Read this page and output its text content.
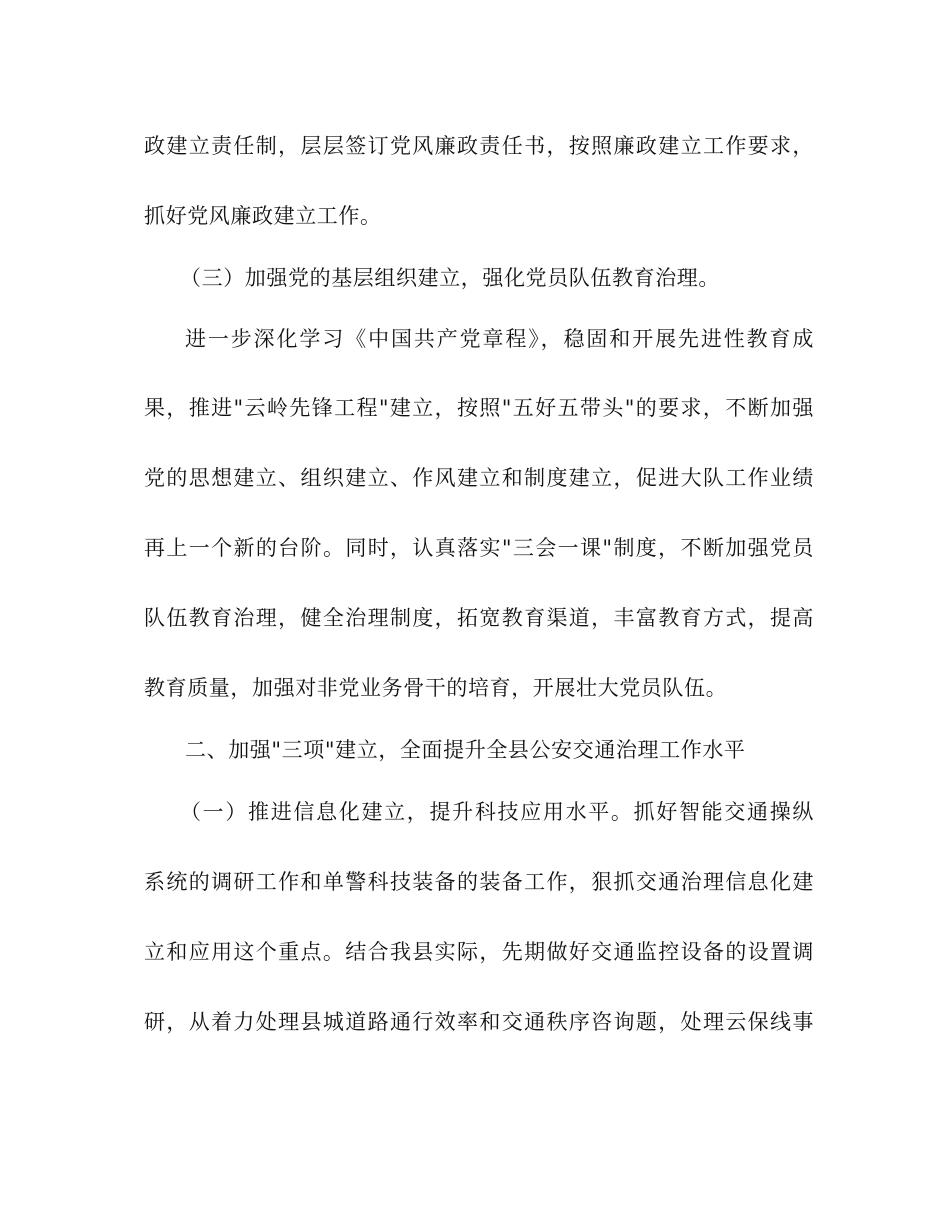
政建立责任制，层层签订党风廉政责任书，按照廉政建立工作要求，
抓好党风廉政建立工作。
（三）加强党的基层组织建立，强化党员队伍教育治理。
进一步深化学习《中国共产党章程》，稳固和开展先进性教育成
果，推进"云岭先锋工程"建立，按照"五好五带头"的要求，不断加强
党的思想建立、组织建立、作风建立和制度建立，促进大队工作业绩
再上一个新的台阶。同时，认真落实"三会一课"制度，不断加强党员
队伍教育治理，健全治理制度，拓宽教育渠道，丰富教育方式，提高
教育质量，加强对非党业务骨干的培育，开展壮大党员队伍。
二、加强"三项"建立，全面提升全县公安交通治理工作水平
（一）推进信息化建立，提升科技应用水平。抓好智能交通操纵
系统的调研工作和单警科技装备的装备工作，狠抓交通治理信息化建
立和应用这个重点。结合我县实际，先期做好交通监控设备的设置调
研，从着力处理县城道路通行效率和交通秩序咨询题，处理云保线事
